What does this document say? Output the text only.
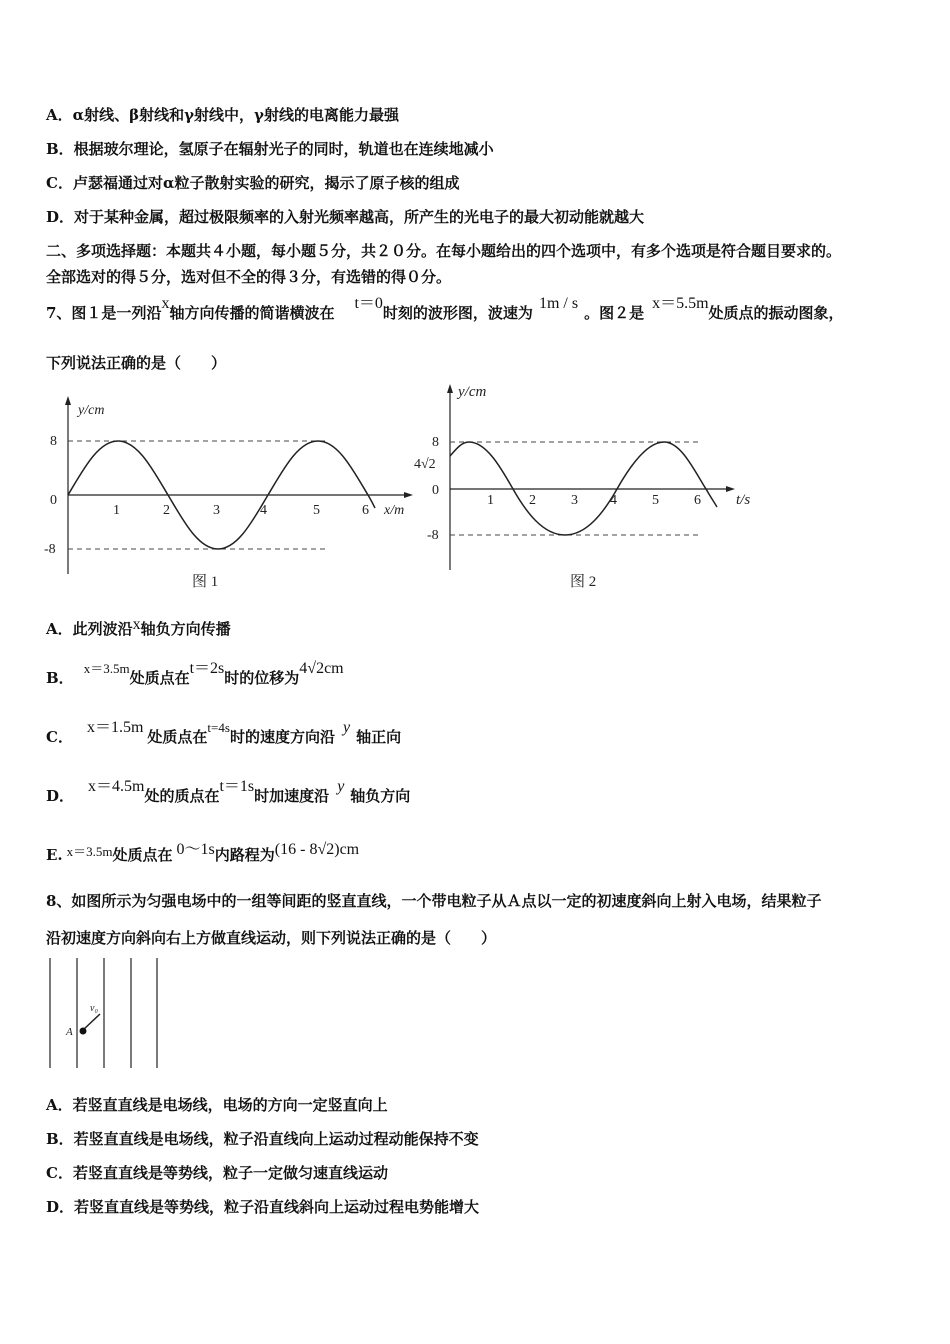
A．α射线、β射线和γ射线中，γ射线的电离能力最强
B．根据玻尔理论，氢原子在辐射光子的同时，轨道也在连续地减小
C．卢瑟福通过对α粒子散射实验的研究，揭示了原子核的组成
D．对于某种金属，超过极限频率的入射光频率越高，所产生的光电子的最大初动能就越大
二、多项选择题：本题共４小题，每小题５分，共２０分。在每小题给出的四个选项中，有多个选项是符合题目要求的。
全部选对的得５分，选对但不全的得３分，有选错的得０分。
7、图１是一列沿x轴方向传播的简谐横波在t＝0时刻的波形图，波速为1m / s。图２是x＝5.5m处质点的振动图象，
下列说法正确的是（　　）
y/cm
8
0
-8
1	2	3	4	5	6 x/m
图 1
y/cm
8
4√2
0
-8
1	2	3 4	5	6 t/s
图 2
A．此列波沿x轴负方向传播
B．x＝3.5m处质点在t＝2s时的位移为4√2cm
C．x＝1.5m处质点在t=4s时的速度方向沿y轴正向
D．x＝4.5m处的质点在t＝1s时加速度沿y轴负方向
E. x＝3.5m处质点在 0～1s内路程为(16 - 8√2)cm
8、如图所示为匀强电场中的一组等间距的竖直直线，一个带电粒子从Ａ点以一定的初速度斜向上射入电场，结果粒子
沿初速度方向斜向右上方做直线运动，则下列说法正确的是（　　）
A
v₀
A．若竖直直线是电场线，电场的方向一定竖直向上
B．若竖直直线是电场线，粒子沿直线向上运动过程动能保持不变
C．若竖直直线是等势线，粒子一定做匀速直线运动
D．若竖直直线是等势线，粒子沿直线斜向上运动过程电势能增大
